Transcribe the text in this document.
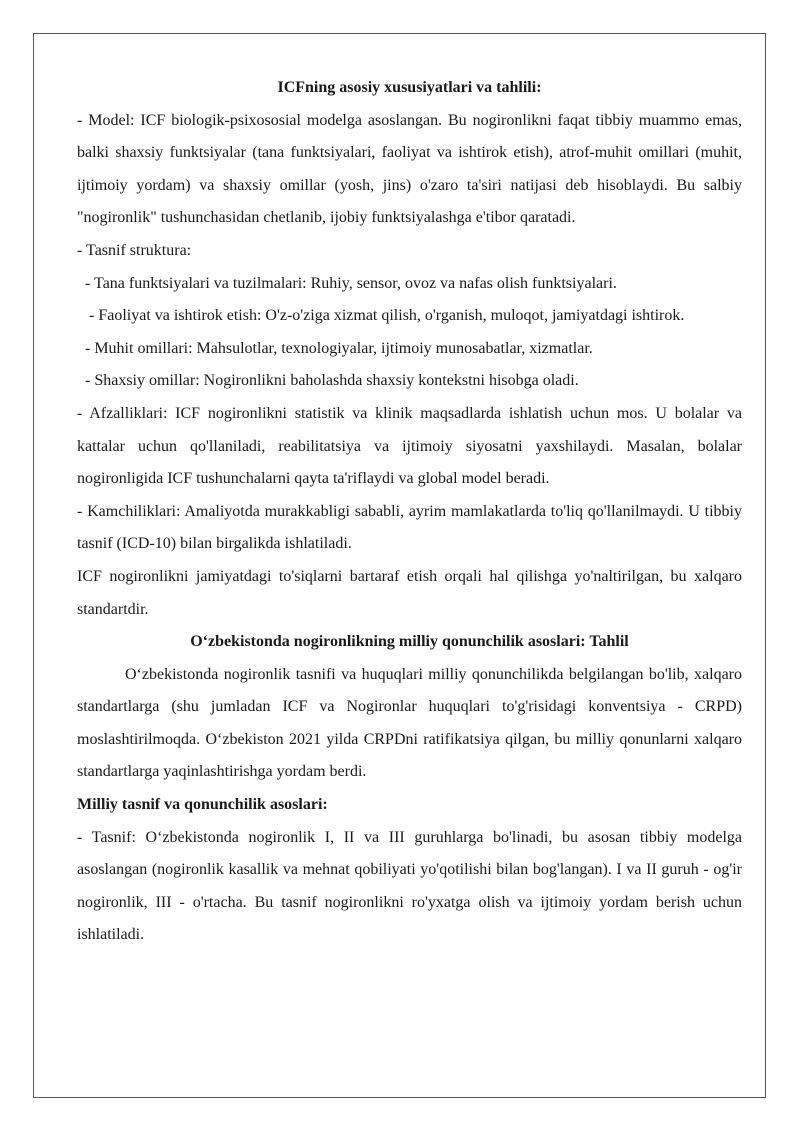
ICFning asosiy xususiyatlari va tahlili:

- Model: ICF biologik-psixososial modelga asoslangan. Bu nogironlikni faqat tibbiy muammo emas, balki shaxsiy funktsiyalar (tana funktsiyalari, faoliyat va ishtirok etish), atrof-muhit omillari (muhit, ijtimoiy yordam) va shaxsiy omillar (yosh, jins) o'zaro ta'siri natijasi deb hisoblaydi. Bu salbiy "nogironlik" tushunchasidan chetlanib, ijobiy funktsiyalashga e'tibor qaratadi.

- Tasnif struktura:

- Tana funktsiyalari va tuzilmalari: Ruhiy, sensor, ovoz va nafas olish funktsiyalari.

- Faoliyat va ishtirok etish: O'z-o'ziga xizmat qilish, o'rganish, muloqot, jamiyatdagi ishtirok.

- Muhit omillari: Mahsulotlar, texnologiyalar, ijtimoiy munosabatlar, xizmatlar.

- Shaxsiy omillar: Nogironlikni baholashda shaxsiy kontekstni hisobga oladi.

- Afzalliklari: ICF nogironlikni statistik va klinik maqsadlarda ishlatish uchun mos. U bolalar va kattalar uchun qo'llaniladi, reabilitatsiya va ijtimoiy siyosatni yaxshilaydi. Masalan, bolalar nogironligida ICF tushunchalarni qayta ta'riflaydi va global model beradi.

- Kamchiliklari: Amaliyotda murakkabligi sababli, ayrim mamlakatlarda to'liq qo'llanilmaydi. U tibbiy tasnif (ICD-10) bilan birgalikda ishlatiladi.

ICF nogironlikni jamiyatdagi to'siqlarni bartaraf etish orqali hal qilishga yo'naltirilgan, bu xalqaro standartdir.

O‘zbekistonda nogironlikning milliy qonunchilik asoslari: Tahlil

O‘zbekistonda nogironlik tasnifi va huquqlari milliy qonunchilikda belgilangan bo'lib, xalqaro standartlarga (shu jumladan ICF va Nogironlar huquqlari to'g'risidagi konventsiya - CRPD) moslashtirilmoqda. O‘zbekiston 2021 yilda CRPDni ratifikatsiya qilgan, bu milliy qonunlarni xalqaro standartlarga yaqinlashtirishga yordam berdi.

Milliy tasnif va qonunchilik asoslari:

- Tasnif: O‘zbekistonda nogironlik I, II va III guruhlarga bo'linadi, bu asosan tibbiy modelga asoslangan (nogironlik kasallik va mehnat qobiliyati yo'qotilishi bilan bog'langan). I va II guruh - og'ir nogironlik, III - o'rtacha. Bu tasnif nogironlikni ro'yxatga olish va ijtimoiy yordam berish uchun ishlatiladi.
